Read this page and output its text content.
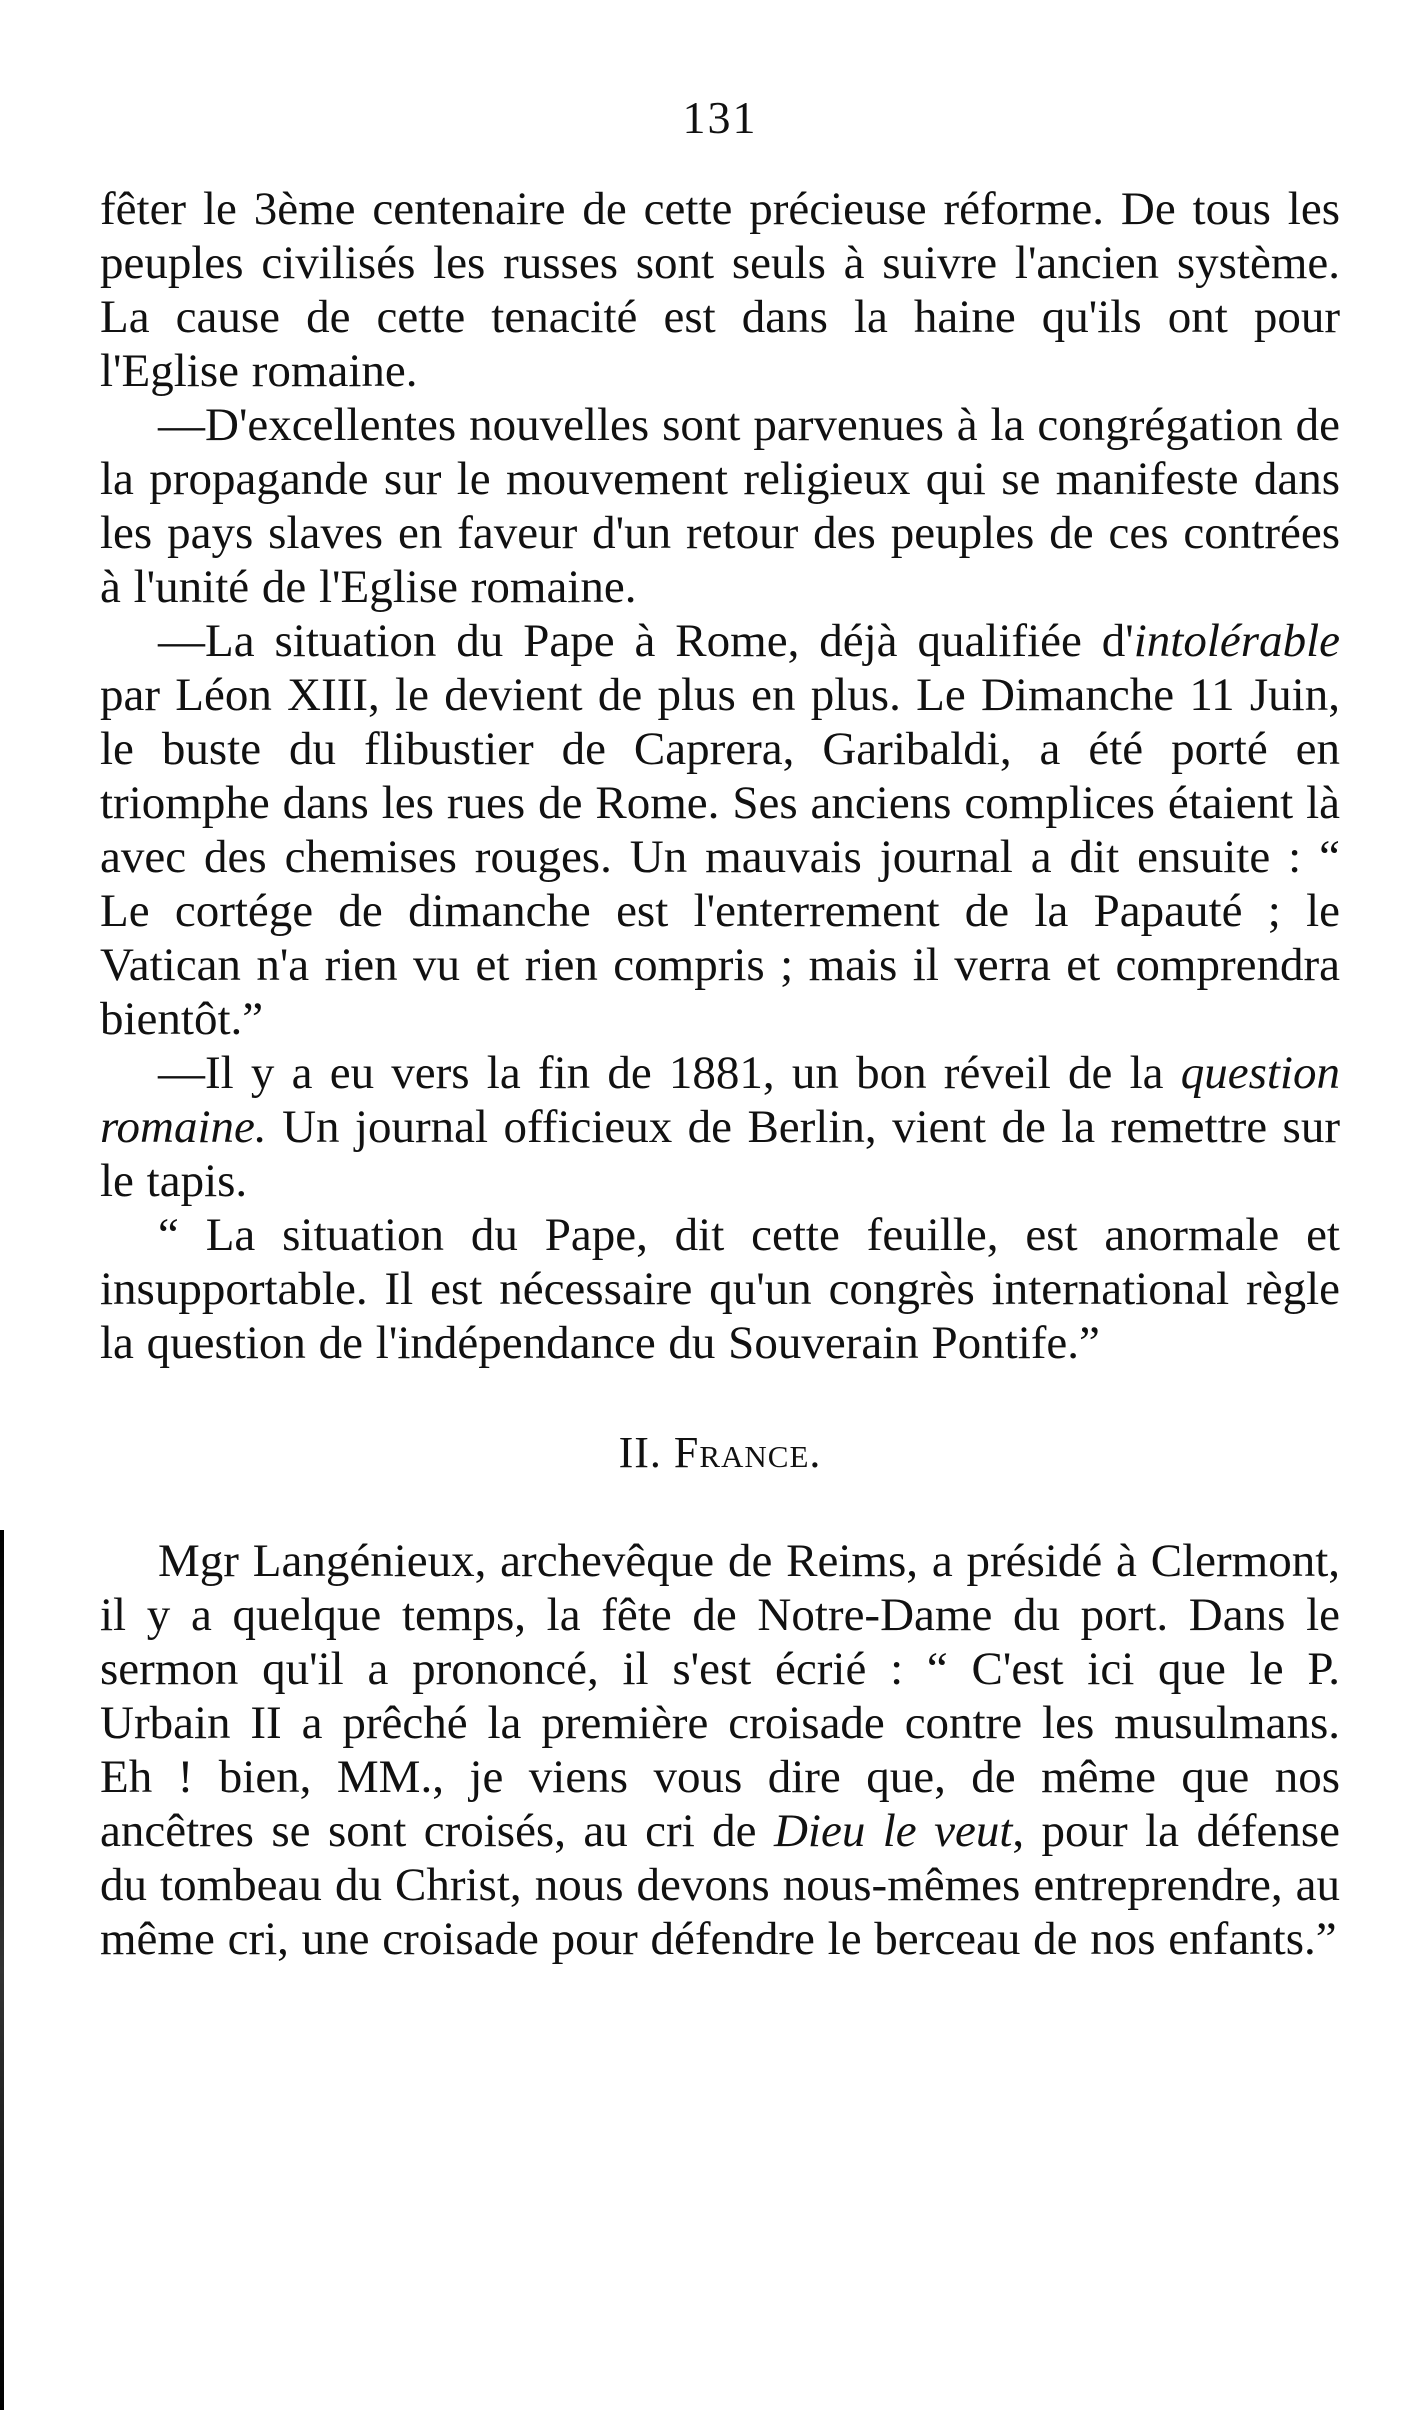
131

fêter le 3ème centenaire de cette précieuse réforme. De tous les peuples civilisés les russes sont seuls à suivre l'ancien système. La cause de cette tenacité est dans la haine qu'ils ont pour l'Eglise romaine.

—D'excellentes nouvelles sont parvenues à la congrégation de la propagande sur le mouvement religieux qui se manifeste dans les pays slaves en faveur d'un retour des peuples de ces contrées à l'unité de l'Eglise romaine.

—La situation du Pape à Rome, déjà qualifiée d'intolérable par Léon XIII, le devient de plus en plus. Le Dimanche 11 Juin, le buste du flibustier de Caprera, Garibaldi, a été porté en triomphe dans les rues de Rome. Ses anciens complices étaient là avec des chemises rouges. Un mauvais journal a dit ensuite : “ Le cortége de dimanche est l'enterrement de la Papauté ; le Vatican n'a rien vu et rien compris ; mais il verra et comprendra bientôt.”

—Il y a eu vers la fin de 1881, un bon réveil de la question romaine. Un journal officieux de Berlin, vient de la remettre sur le tapis.

“ La situation du Pape, dit cette feuille, est anormale et insupportable. Il est nécessaire qu'un congrès international règle la question de l'indépendance du Souverain Pontife.”

II. France.

Mgr Langénieux, archevêque de Reims, a présidé à Clermont, il y a quelque temps, la fête de Notre-Dame du port. Dans le sermon qu'il a prononcé, il s'est écrié : “ C'est ici que le P. Urbain II a prêché la première croisade contre les musulmans. Eh ! bien, MM., je viens vous dire que, de même que nos ancêtres se sont croisés, au cri de Dieu le veut, pour la défense du tombeau du Christ, nous devons nous-mêmes entreprendre, au même cri, une croisade pour défendre le berceau de nos enfants.”
